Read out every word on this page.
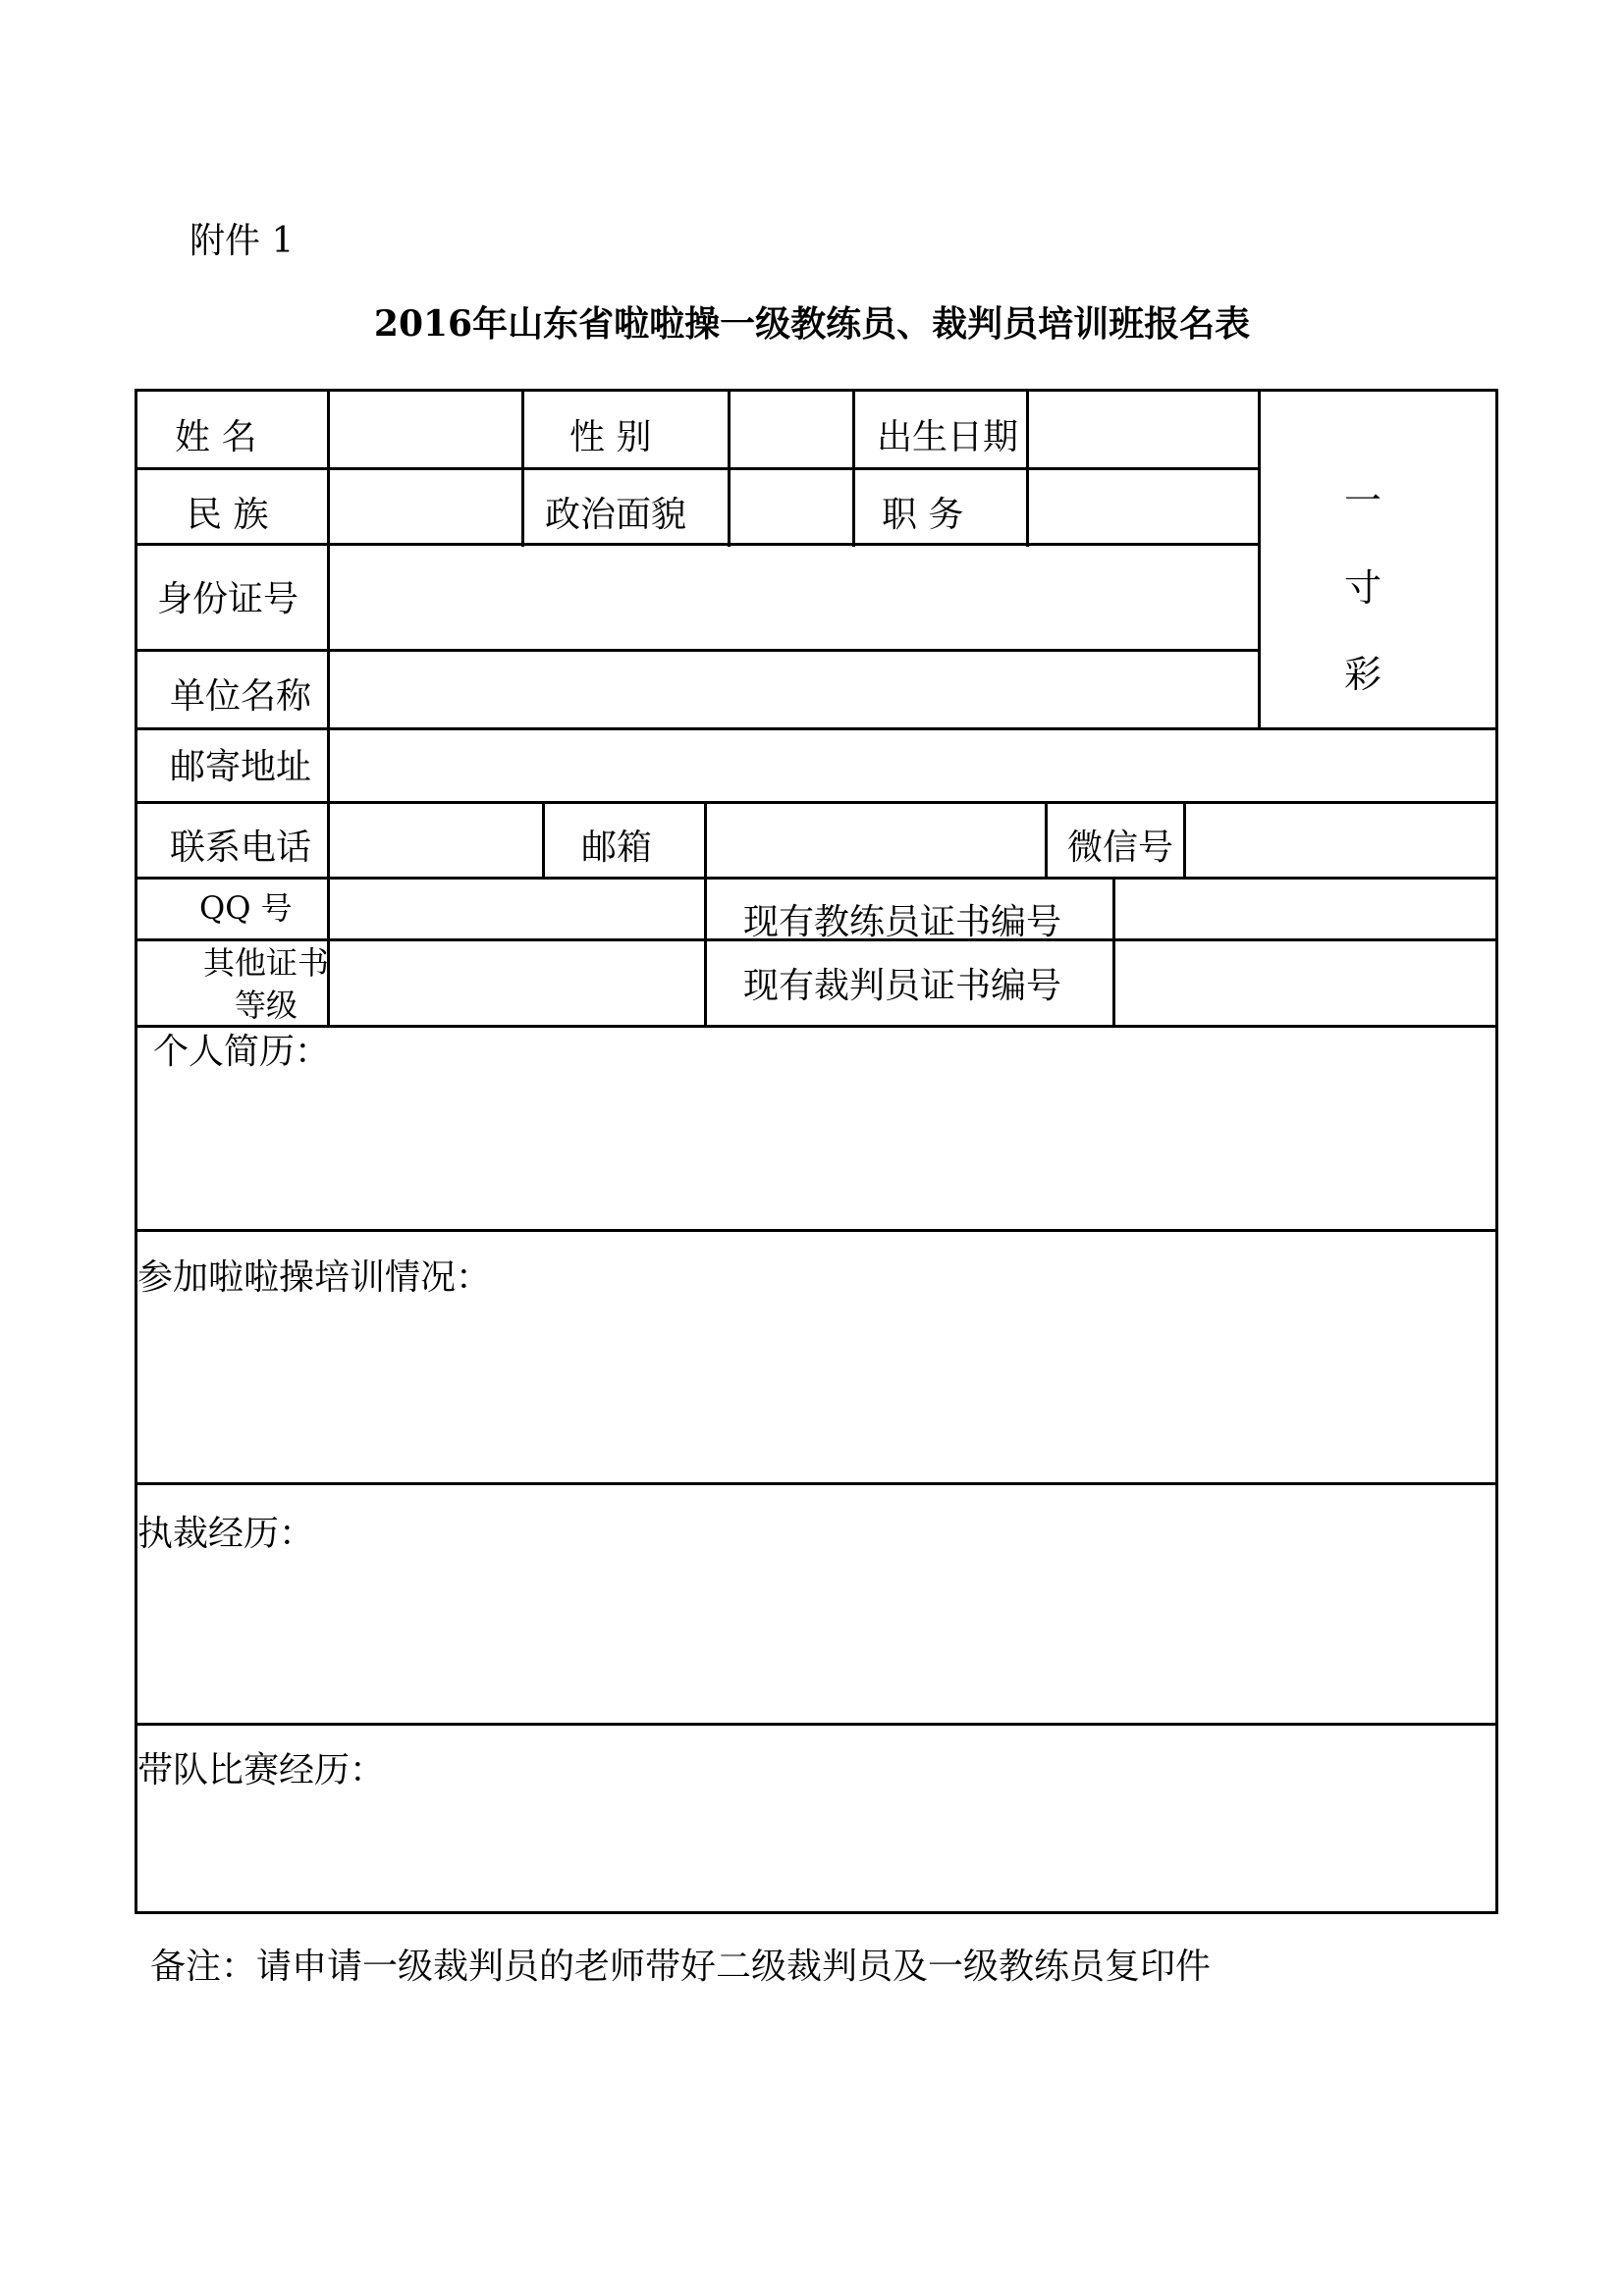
附件 1
2016年山东省啦啦操一级教练员、裁判员培训班报名表
姓 名	性 别	出生日期
民 族	政治面貌	职 务
身份证号
一
寸
彩
单位名称
邮寄地址
联系电话	邮箱	微信号
QQ 号	现有教练员证书编号
其他证书
等级	现有裁判员证书编号
个人简历：
参加啦啦操培训情况：
执裁经历：
带队比赛经历：
备注：请申请一级裁判员的老师带好二级裁判员及一级教练员复印件
